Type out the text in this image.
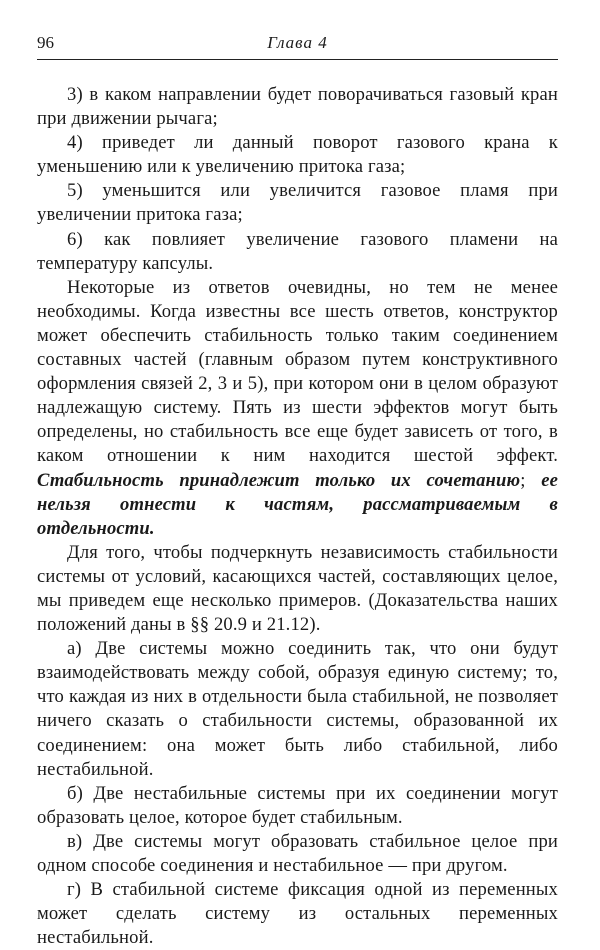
96	Глава 4

3) в каком направлении будет поворачиваться газовый кран при движении рычага;

4) приведет ли данный поворот газового крана к уменьшению или к увеличению притока газа;

5) уменьшится или увеличится газовое пламя при увеличении притока газа;

6) как повлияет увеличение газового пламени на температуру капсулы.

Некоторые из ответов очевидны, но тем не менее необходимы. Когда известны все шесть ответов, конструктор может обеспечить стабильность только таким соединением составных частей (главным образом путем конструктивного оформления связей 2, 3 и 5), при котором они в целом образуют надлежащую систему. Пять из шести эффектов могут быть определены, но стабильность все еще будет зависеть от того, в каком отношении к ним находится шестой эффект. Стабильность принадлежит только их сочетанию; ее нельзя отнести к частям, рассматриваемым в отдельности.

Для того, чтобы подчеркнуть независимость стабильности системы от условий, касающихся частей, составляющих целое, мы приведем еще несколько примеров. (Доказательства наших положений даны в §§ 20.9 и 21.12).

а) Две системы можно соединить так, что они будут взаимодействовать между собой, образуя единую систему; то, что каждая из них в отдельности была стабильной, не позволяет ничего сказать о стабильности системы, образованной их соединением: она может быть либо стабильной, либо нестабильной.

б) Две нестабильные системы при их соединении могут образовать целое, которое будет стабильным.

в) Две системы могут образовать стабильное целое при одном способе соединения и нестабильное — при другом.

г) В стабильной системе фиксация одной из переменных может сделать систему из остальных переменных нестабильной.
